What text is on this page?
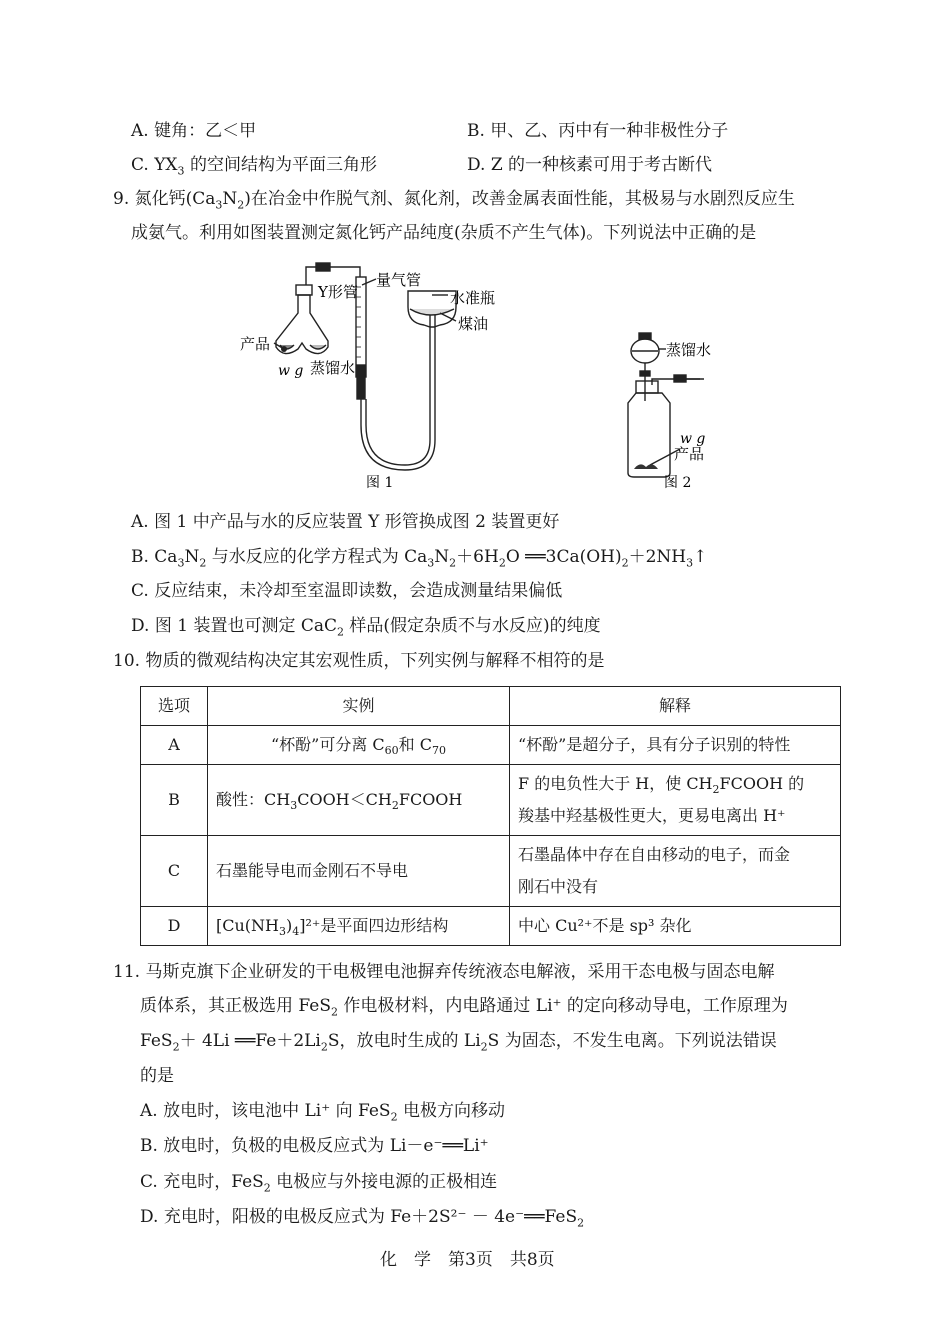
A. 键角：乙＜甲	B. 甲、乙、丙中有一种非极性分子
C. $YX_3$ 的空间结构为平面三角形	D. Z 的一种核素可用于考古断代
9. 氮化钙$(Ca_3N_2)$在冶金中作脱气剂、氮化剂，改善金属表面性能，其极易与水剧烈反应生
成氨气。利用如图装置测定氮化钙产品纯度(杂质不产生气体)。下列说法中正确的是
Y形管
量气管
水准瓶
煤油
产品
w g 蒸馏水
图 1
蒸馏水
w g
产品
图 2
A. 图 1 中产品与水的反应装置 Y 形管换成图 2 装置更好
B. $Ca_3N_2$ 与水反应的化学方程式为 $Ca_3N_2+6H_2O$ $══3Ca(OH)_2+2NH_3↑$
C. 反应结束，未冷却至室温即读数，会造成测量结果偏低
D. 图 1 装置也可测定 CaC$_2$ 样品(假定杂质不与水反应)的纯度
10. 物质的微观结构决定其宏观性质，下列实例与解释不相符的是
选项	实例	解释
A	“杯酚”可分离 $C_{60}$和 $C_{70}$	“杯酚”是超分子，具有分子识别的特性
B	酸性：$CH_3COOH<CH_2FCOOH$	F 的电负性大于 H，使 $CH_2FCOOH$ 的
羧基中羟基极性更大，更易电离出 H⁺
C	石墨能导电而金刚石不导电	石墨晶体中存在自由移动的电子，而金
刚石中没有
D	$[Cu(NH_3)_4]^{2+}$是平面四边形结构	中心 Cu²⁺不是 sp³ 杂化
11. 马斯克旗下企业研发的干电极锂电池摒弃传统液态电解液，采用干态电极与固态电解
质体系，其正极选用 FeS$_2$ 作电极材料，内电路通过 Li⁺ 的定向移动导电，工作原理为
FeS$_2$＋ 4Li $══Fe+2Li_2S$，放电时生成的 $Li_2S$ 为固态，不发生电离。下列说法错误
的是
A. 放电时，该电池中 Li⁺ 向 FeS$_2$ 电极方向移动
B. 放电时，负极的电极反应式为 Li－e⁻══Li⁺
C. 充电时，FeS$_2$ 电极应与外接电源的正极相连
D. 充电时，阳极的电极反应式为 Fe＋2S²⁻ － 4e⁻══FeS$_2$
化　学　第3页　共8页
